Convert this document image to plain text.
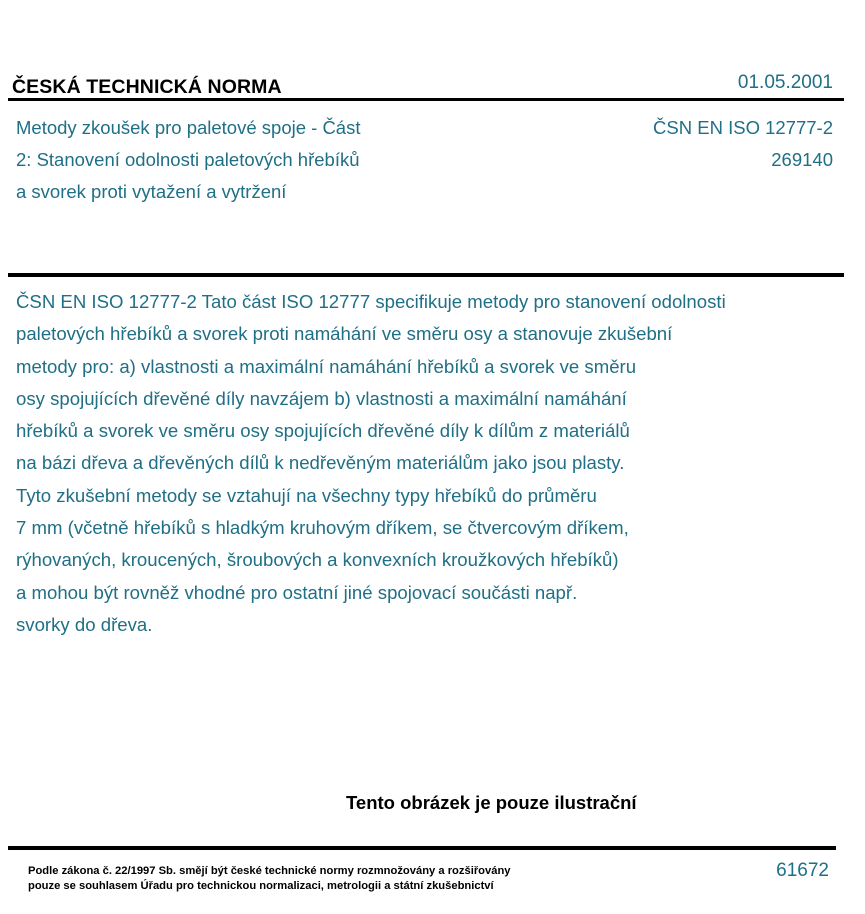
ČESKÁ TECHNICKÁ NORMA	01.05.2001
Metody zkoušek pro paletové spoje - Část
2: Stanovení odolnosti paletových hřebíků
a svorek proti vytažení a vytržení
ČSN EN ISO 12777-2
269140

ČSN EN ISO 12777-2 Tato část ISO 12777 specifikuje metody pro stanovení odolnosti
paletových hřebíků a svorek proti namáhání ve směru osy a stanovuje zkušební
metody pro: a) vlastnosti a maximální namáhání hřebíků a svorek ve směru
osy spojujících dřevěné díly navzájem b) vlastnosti a maximální namáhání
hřebíků a svorek ve směru osy spojujících dřevěné díly k dílům z materiálů
na bázi dřeva a dřevěných dílů k nedřevěným materiálům jako jsou plasty.

Tyto zkušební metody se vztahují na všechny typy hřebíků do průměru
7 mm (včetně hřebíků s hladkým kruhovým dříkem, se čtvercovým dříkem,
rýhovaných, kroucených, šroubových a konvexních kroužkových hřebíků)
a mohou být rovněž vhodné pro ostatní jiné spojovací součásti např.
svorky do dřeva.

Tento obrázek je pouze ilustrační
Podle zákona č. 22/1997 Sb. smějí být české technické normy rozmnožovány a rozšiřovány
pouze se souhlasem Úřadu pro technickou normalizaci, metrologii a státní zkušebnictví
61672
